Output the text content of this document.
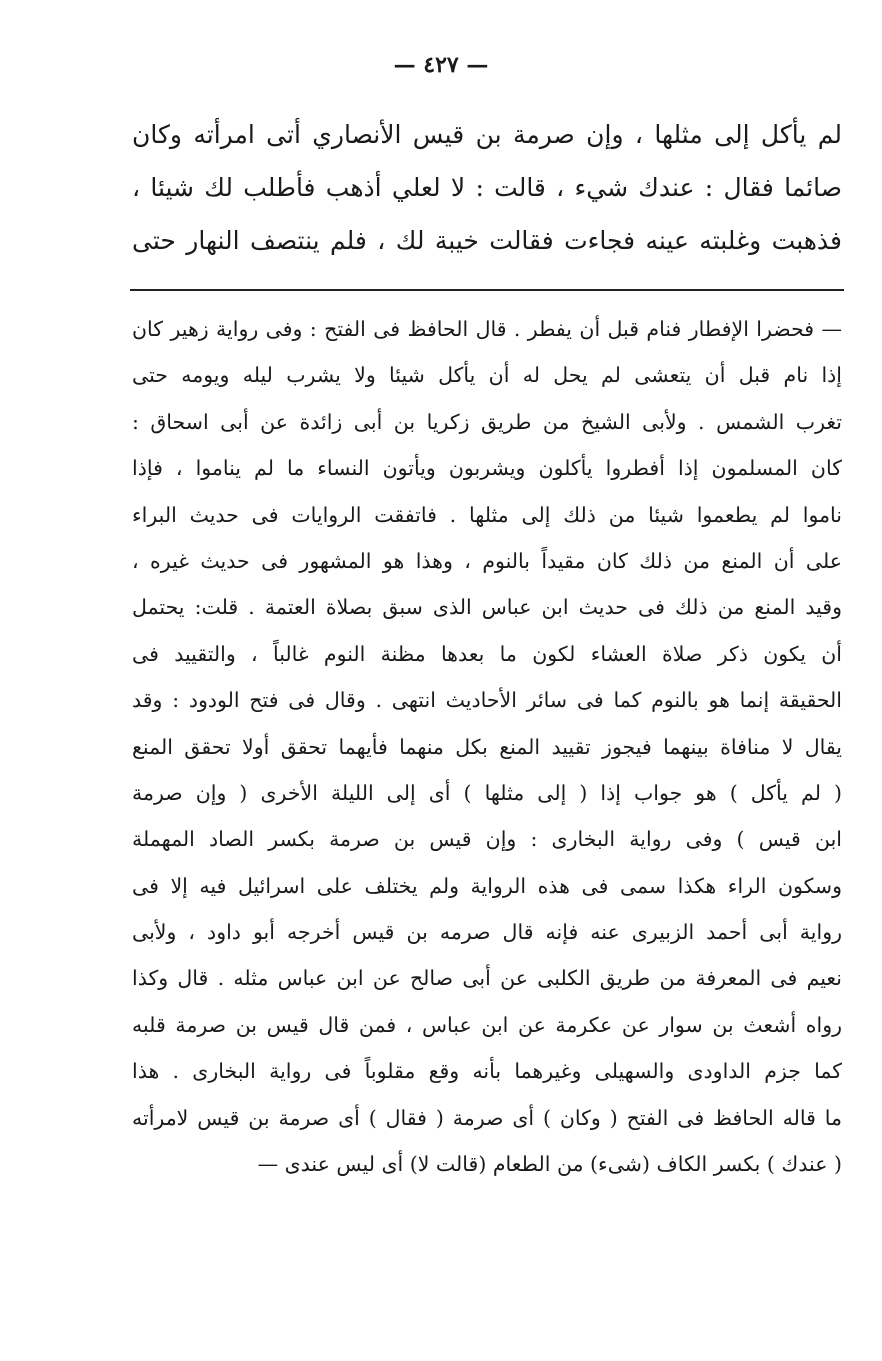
— ٤٢٧ —
لم يأكل إلى مثلها ، وإن صرمة بن قيس الأنصاري أتى امرأته وكان
صائما فقال : عندك شيء ، قالت : لا لعلي أذهب فأطلب لك شيئا ،
فذهبت وغلبته عينه فجاءت فقالت خيبة لك ، فلم ينتصف النهار حتى
— فحضرا الإفطار فنام قبل أن يفطر . قال الحافظ فى الفتح : وفى رواية زهير كان
إذا نام قبل أن يتعشى لم يحل له أن يأكل شيئا ولا يشرب ليله ويومه حتى
تغرب الشمس . ولأبى الشيخ من طريق زكريا بن أبى زائدة عن أبى اسحاق :
كان المسلمون إذا أفطروا يأكلون ويشربون ويأتون النساء ما لم يناموا ، فإذا
ناموا لم يطعموا شيئا من ذلك إلى مثلها . فاتفقت الروايات فى حديث البراء
على أن المنع من ذلك كان مقيداً بالنوم ، وهذا هو المشهور فى حديث غيره ،
وقيد المنع من ذلك فى حديث ابن عباس الذى سبق بصلاة العتمة . قلت: يحتمل
أن يكون ذكر صلاة العشاء لكون ما بعدها مظنة النوم غالباً ، والتقييد فى
الحقيقة إنما هو بالنوم كما فى سائر الأحاديث انتهى . وقال فى فتح الودود : وقد
يقال لا منافاة بينهما فيجوز تقييد المنع بكل منهما فأيهما تحقق أولا تحقق المنع
( لم يأكل ) هو جواب إذا ( إلى مثلها ) أى إلى الليلة الأخرى ( وإن صرمة
ابن قيس ) وفى رواية البخارى : وإن قيس بن صرمة بكسر الصاد المهملة
وسكون الراء هكذا سمى فى هذه الرواية ولم يختلف على اسرائيل فيه إلا فى
رواية أبى أحمد الزبيرى عنه فإنه قال صرمه بن قيس أخرجه أبو داود ، ولأبى
نعيم فى المعرفة من طريق الكلبى عن أبى صالح عن ابن عباس مثله . قال وكذا
رواه أشعث بن سوار عن عكرمة عن ابن عباس ، فمن قال قيس بن صرمة قلبه
كما جزم الداودى والسهيلى وغيرهما بأنه وقع مقلوباً فى رواية البخارى . هذا
ما قاله الحافظ فى الفتح ( وكان ) أى صرمة ( فقال ) أى صرمة بن قيس لامرأته
( عندك ) بكسر الكاف (شىء) من الطعام (قالت لا) أى ليس عندى —
